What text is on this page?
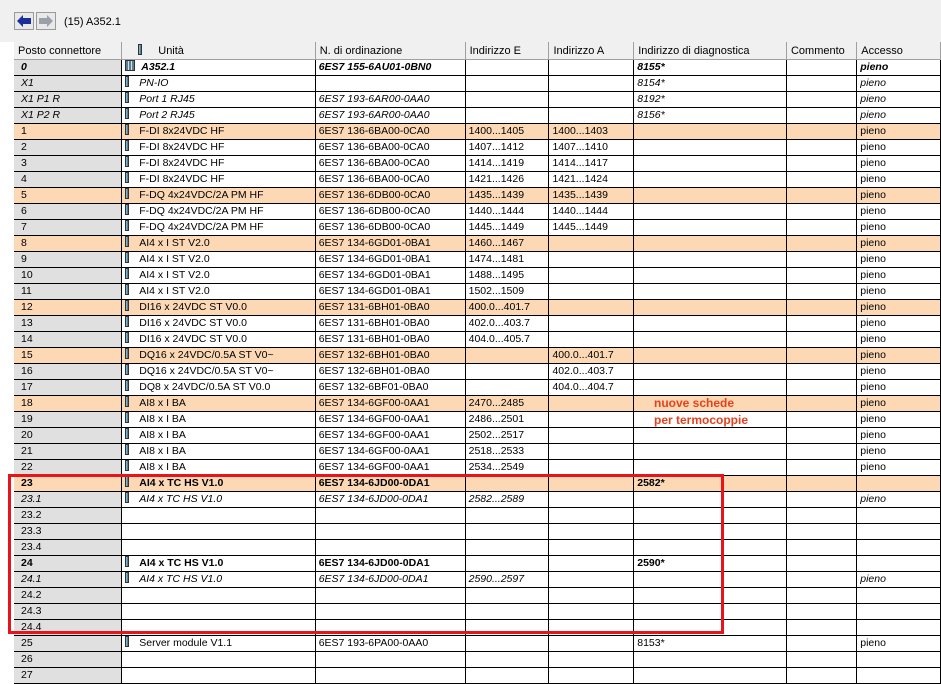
(15) A352.1
Posto connettore	Unità	N. di ordinazione	Indirizzo E	Indirizzo A	Indirizzo di diagnostica	Commento	Accesso
0	A352.1	6ES7 155-6AU01-0BN0			8155*		pieno
X1	PN-IO				8154*		pieno
X1 P1 R	Port 1 RJ45	6ES7 193-6AR00-0AA0			8192*		pieno
X1 P2 R	Port 2 RJ45	6ES7 193-6AR00-0AA0			8156*		pieno
1	F-DI 8x24VDC HF	6ES7 136-6BA00-0CA0	1400...1405	1400...1403			pieno
2	F-DI 8x24VDC HF	6ES7 136-6BA00-0CA0	1407...1412	1407...1410			pieno
3	F-DI 8x24VDC HF	6ES7 136-6BA00-0CA0	1414...1419	1414...1417			pieno
4	F-DI 8x24VDC HF	6ES7 136-6BA00-0CA0	1421...1426	1421...1424			pieno
5	F-DQ 4x24VDC/2A PM HF	6ES7 136-6DB00-0CA0	1435...1439	1435...1439			pieno
6	F-DQ 4x24VDC/2A PM HF	6ES7 136-6DB00-0CA0	1440...1444	1440...1444			pieno
7	F-DQ 4x24VDC/2A PM HF	6ES7 136-6DB00-0CA0	1445...1449	1445...1449			pieno
8	AI4 x I ST V2.0	6ES7 134-6GD01-0BA1	1460...1467				pieno
9	AI4 x I ST V2.0	6ES7 134-6GD01-0BA1	1474...1481				pieno
10	AI4 x I ST V2.0	6ES7 134-6GD01-0BA1	1488...1495				pieno
11	AI4 x I ST V2.0	6ES7 134-6GD01-0BA1	1502...1509				pieno
12	DI16 x 24VDC ST V0.0	6ES7 131-6BH01-0BA0	400.0...401.7				pieno
13	DI16 x 24VDC ST V0.0	6ES7 131-6BH01-0BA0	402.0...403.7				pieno
14	DI16 x 24VDC ST V0.0	6ES7 131-6BH01-0BA0	404.0...405.7				pieno
15	DQ16 x 24VDC/0.5A ST V0~	6ES7 132-6BH01-0BA0		400.0...401.7			pieno
16	DQ16 x 24VDC/0.5A ST V0~	6ES7 132-6BH01-0BA0		402.0...403.7			pieno
17	DQ8 x 24VDC/0.5A ST V0.0	6ES7 132-6BF01-0BA0		404.0...404.7			pieno
18	AI8 x I BA	6ES7 134-6GF00-0AA1	2470...2485				pieno
19	AI8 x I BA	6ES7 134-6GF00-0AA1	2486...2501				pieno
20	AI8 x I BA	6ES7 134-6GF00-0AA1	2502...2517				pieno
21	AI8 x I BA	6ES7 134-6GF00-0AA1	2518...2533				pieno
22	AI8 x I BA	6ES7 134-6GF00-0AA1	2534...2549				pieno
23	AI4 x TC HS V1.0	6ES7 134-6JD00-0DA1			2582*		
23.1	AI4 x TC HS V1.0	6ES7 134-6JD00-0DA1	2582...2589				pieno
23.2							
23.3							
23.4							
24	AI4 x TC HS V1.0	6ES7 134-6JD00-0DA1			2590*		
24.1	AI4 x TC HS V1.0	6ES7 134-6JD00-0DA1	2590...2597				pieno
24.2							
24.3							
24.4							
25	Server module V1.1	6ES7 193-6PA00-0AA0			8153*		pieno
26							
27							
nuove schede
per termocoppie
